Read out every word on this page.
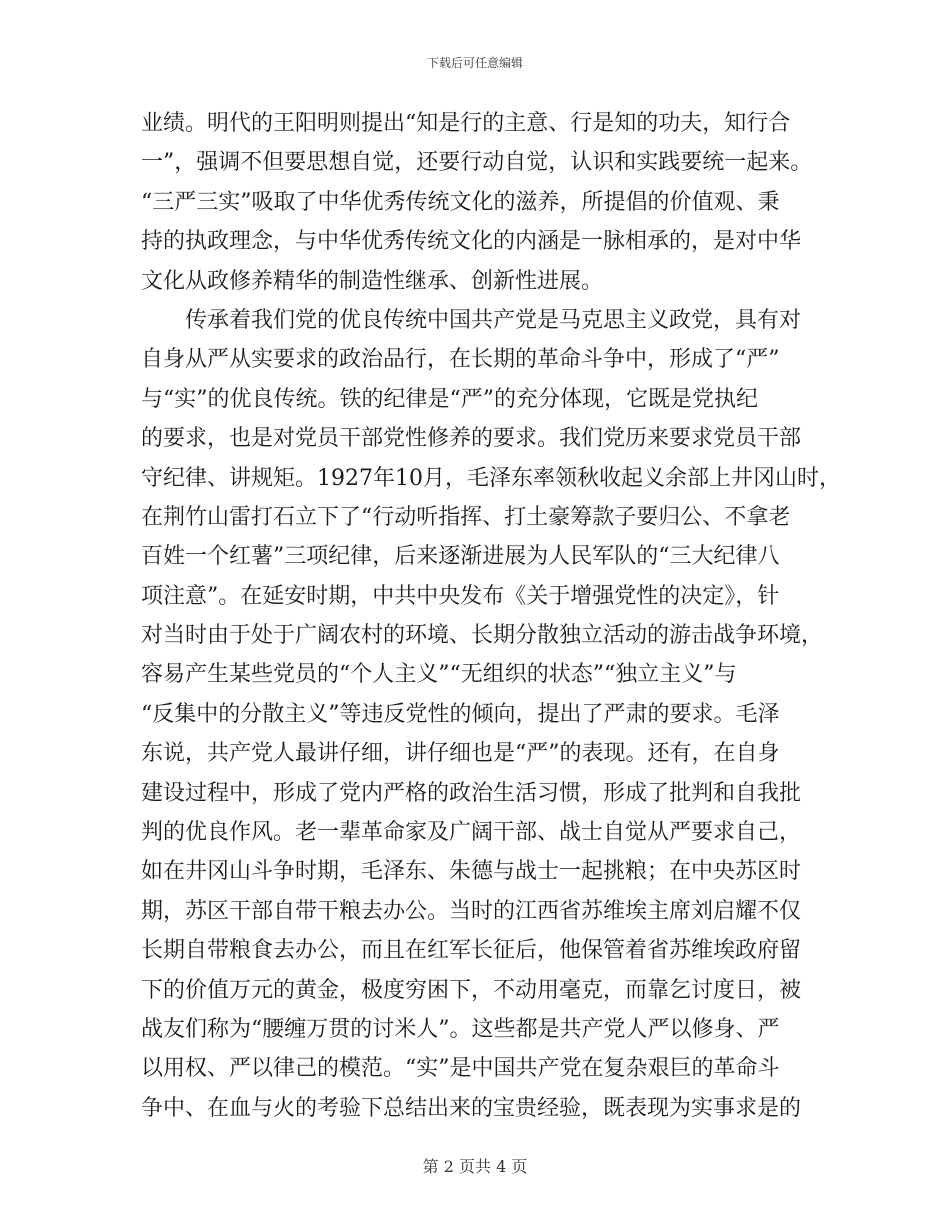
下载后可任意编辑
业绩。明代的王阳明则提出“知是行的主意、行是知的功夫，知行合
一”，强调不但要思想自觉，还要行动自觉，认识和实践要统一起来。
“三严三实”吸取了中华优秀传统文化的滋养，所提倡的价值观、秉
持的执政理念，与中华优秀传统文化的内涵是一脉相承的，是对中华
文化从政修养精华的制造性继承、创新性进展。
传承着我们党的优良传统中国共产党是马克思主义政党，具有对
自身从严从实要求的政治品行，在长期的革命斗争中，形成了“严”
与“实”的优良传统。铁的纪律是“严”的充分体现，它既是党执纪
的要求，也是对党员干部党性修养的要求。我们党历来要求党员干部
守纪律、讲规矩。1927年10月，毛泽东率领秋收起义余部上井冈山时，
在荆竹山雷打石立下了“行动听指挥、打土豪筹款子要归公、不拿老
百姓一个红薯”三项纪律，后来逐渐进展为人民军队的“三大纪律八
项注意”。在延安时期，中共中央发布《关于增强党性的决定》，针
对当时由于处于广阔农村的环境、长期分散独立活动的游击战争环境，
容易产生某些党员的“个人主义”“无组织的状态”“独立主义”与
“反集中的分散主义”等违反党性的倾向，提出了严肃的要求。毛泽
东说，共产党人最讲仔细，讲仔细也是“严”的表现。还有，在自身
建设过程中，形成了党内严格的政治生活习惯，形成了批判和自我批
判的优良作风。老一辈革命家及广阔干部、战士自觉从严要求自己，
如在井冈山斗争时期，毛泽东、朱德与战士一起挑粮；在中央苏区时
期，苏区干部自带干粮去办公。当时的江西省苏维埃主席刘启耀不仅
长期自带粮食去办公，而且在红军长征后，他保管着省苏维埃政府留
下的价值万元的黄金，极度穷困下，不动用毫克，而靠乞讨度日，被
战友们称为“腰缠万贯的讨米人”。这些都是共产党人严以修身、严
以用权、严以律己的模范。“实”是中国共产党在复杂艰巨的革命斗
争中、在血与火的考验下总结出来的宝贵经验，既表现为实事求是的
第 2 页共 4 页
